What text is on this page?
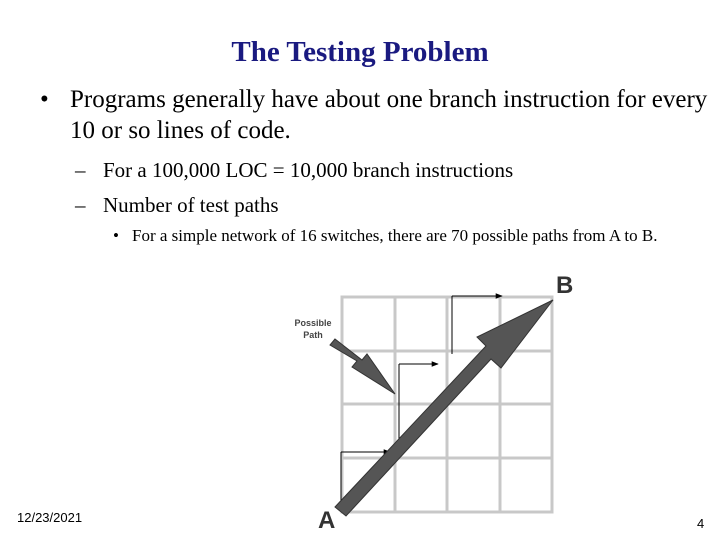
The Testing Problem
• Programs generally have about one branch instruction for every 10 or so lines of code.
– For a 100,000 LOC = 10,000 branch instructions
– Number of test paths
• For a simple network of 16 switches, there are 70 possible paths from A to B.
Possible
Path
B
A
12/23/2021	4
